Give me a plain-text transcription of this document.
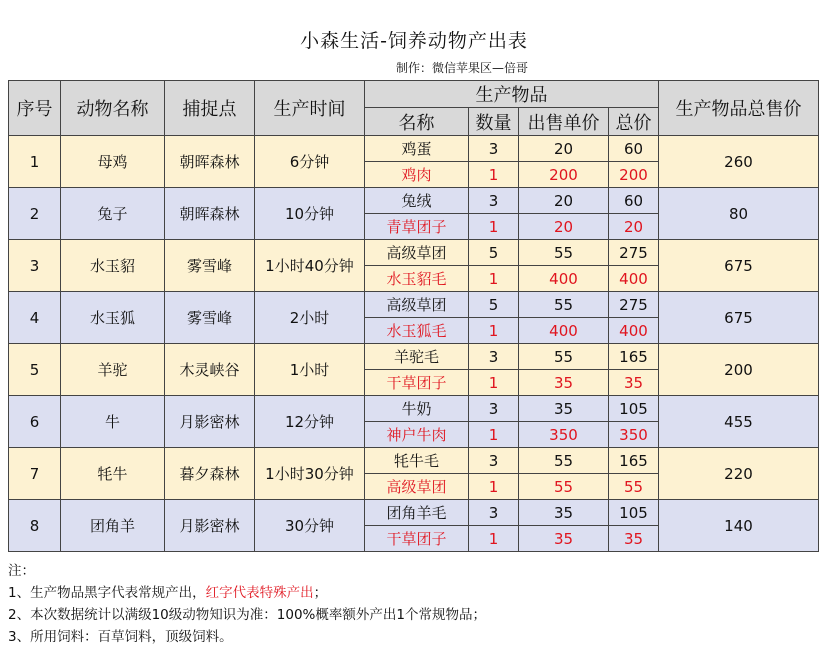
小森生活-饲养动物产出表
制作：微信苹果区—倍哥
序号	动物名称	捕捉点	生产时间	生产物品				生产物品总售价
				名称	数量	出售单价	总价	
1	母鸡	朝晖森林	6分钟	鸡蛋	3	20	60	260
				鸡肉	1	200	200	
2	兔子	朝晖森林	10分钟	兔绒	3	20	60	80
				青草团子	1	20	20	
3	水玉貂	雾雪峰	1小时40分钟	高级草团	5	55	275	675
				水玉貂毛	1	400	400	
4	水玉狐	雾雪峰	2小时	高级草团	5	55	275	675
				水玉狐毛	1	400	400	
5	羊驼	木灵峡谷	1小时	羊驼毛	3	55	165	200
				干草团子	1	35	35	
6	牛	月影密林	12分钟	牛奶	3	35	105	455
				神户牛肉	1	350	350	
7	牦牛	暮夕森林	1小时30分钟	牦牛毛	3	55	165	220
				高级草团	1	55	55	
8	团角羊	月影密林	30分钟	团角羊毛	3	35	105	140
				干草团子	1	35	35	
注：
1、生产物品黑字代表常规产出，红字代表特殊产出；
2、本次数据统计以满级10级动物知识为准：100%概率额外产出1个常规物品；
3、所用饲料：百草饲料，顶级饲料。
